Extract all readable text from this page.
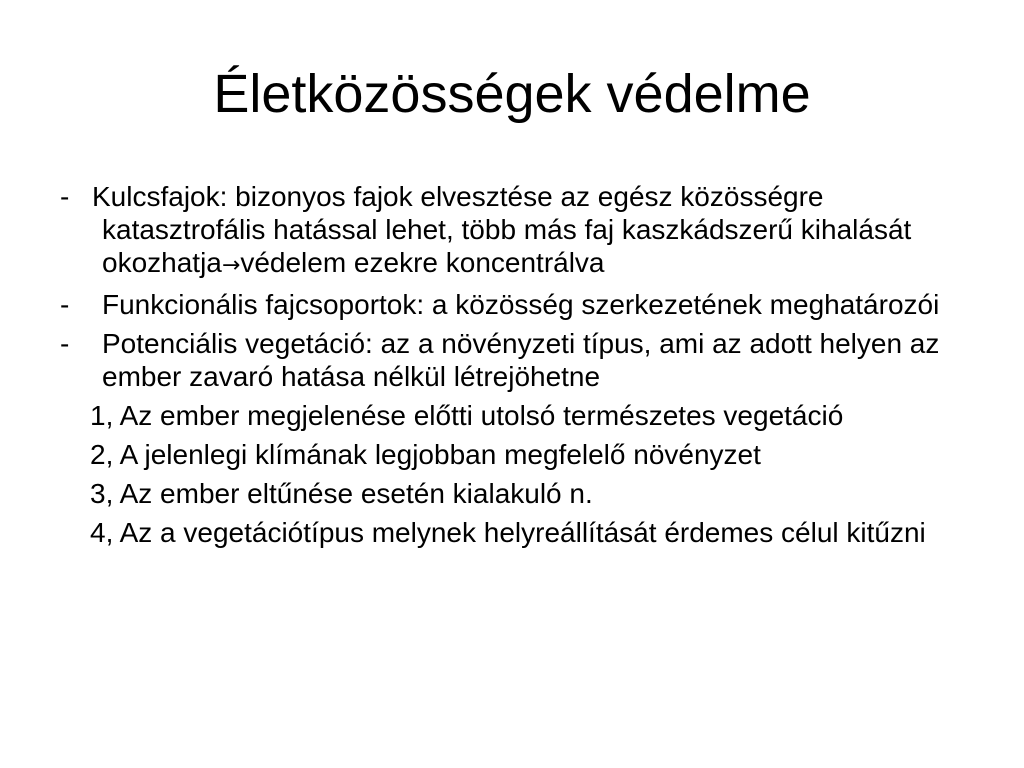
Életközösségek védelme

- Kulcsfajok: bizonyos fajok elvesztése az egész közösségre katasztrofális hatással lehet, több más faj kaszkádszerű kihalását okozhatja→védelem ezekre koncentrálva

- Funkcionális fajcsoportok: a közösség szerkezetének meghatározói

- Potenciális vegetáció: az a növényzeti típus, ami az adott helyen az ember zavaró hatása nélkül létrejöhetne

1, Az ember megjelenése előtti utolsó természetes vegetáció

2, A jelenlegi klímának legjobban megfelelő növényzet

3, Az ember eltűnése esetén kialakuló n.

4, Az a vegetációtípus melynek helyreállítását érdemes célul kitűzni
